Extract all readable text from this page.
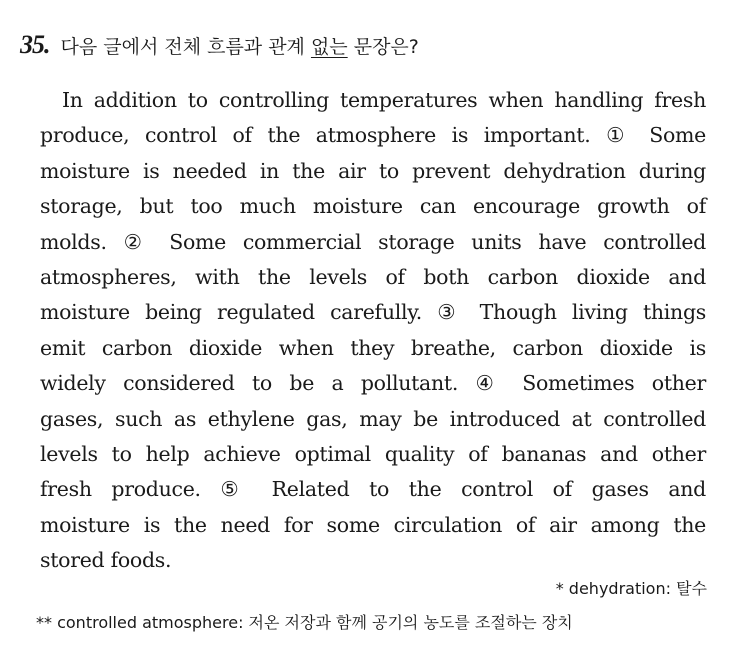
35. 다음 글에서 전체 흐름과 관계 없는 문장은?
In addition to controlling temperatures when handling fresh
produce, control of the atmosphere is important. ① Some
moisture is needed in the air to prevent dehydration during
storage, but too much moisture can encourage growth of
molds. ② Some commercial storage units have controlled
atmospheres, with the levels of both carbon dioxide and
moisture being regulated carefully. ③ Though living things
emit carbon dioxide when they breathe, carbon dioxide is
widely considered to be a pollutant. ④ Sometimes other
gases, such as ethylene gas, may be introduced at controlled
levels to help achieve optimal quality of bananas and other
fresh produce. ⑤ Related to the control of gases and
moisture is the need for some circulation of air among the
stored foods.
* dehydration: 탈수
** controlled atmosphere: 저온 저장과 함께 공기의 농도를 조절하는 장치
